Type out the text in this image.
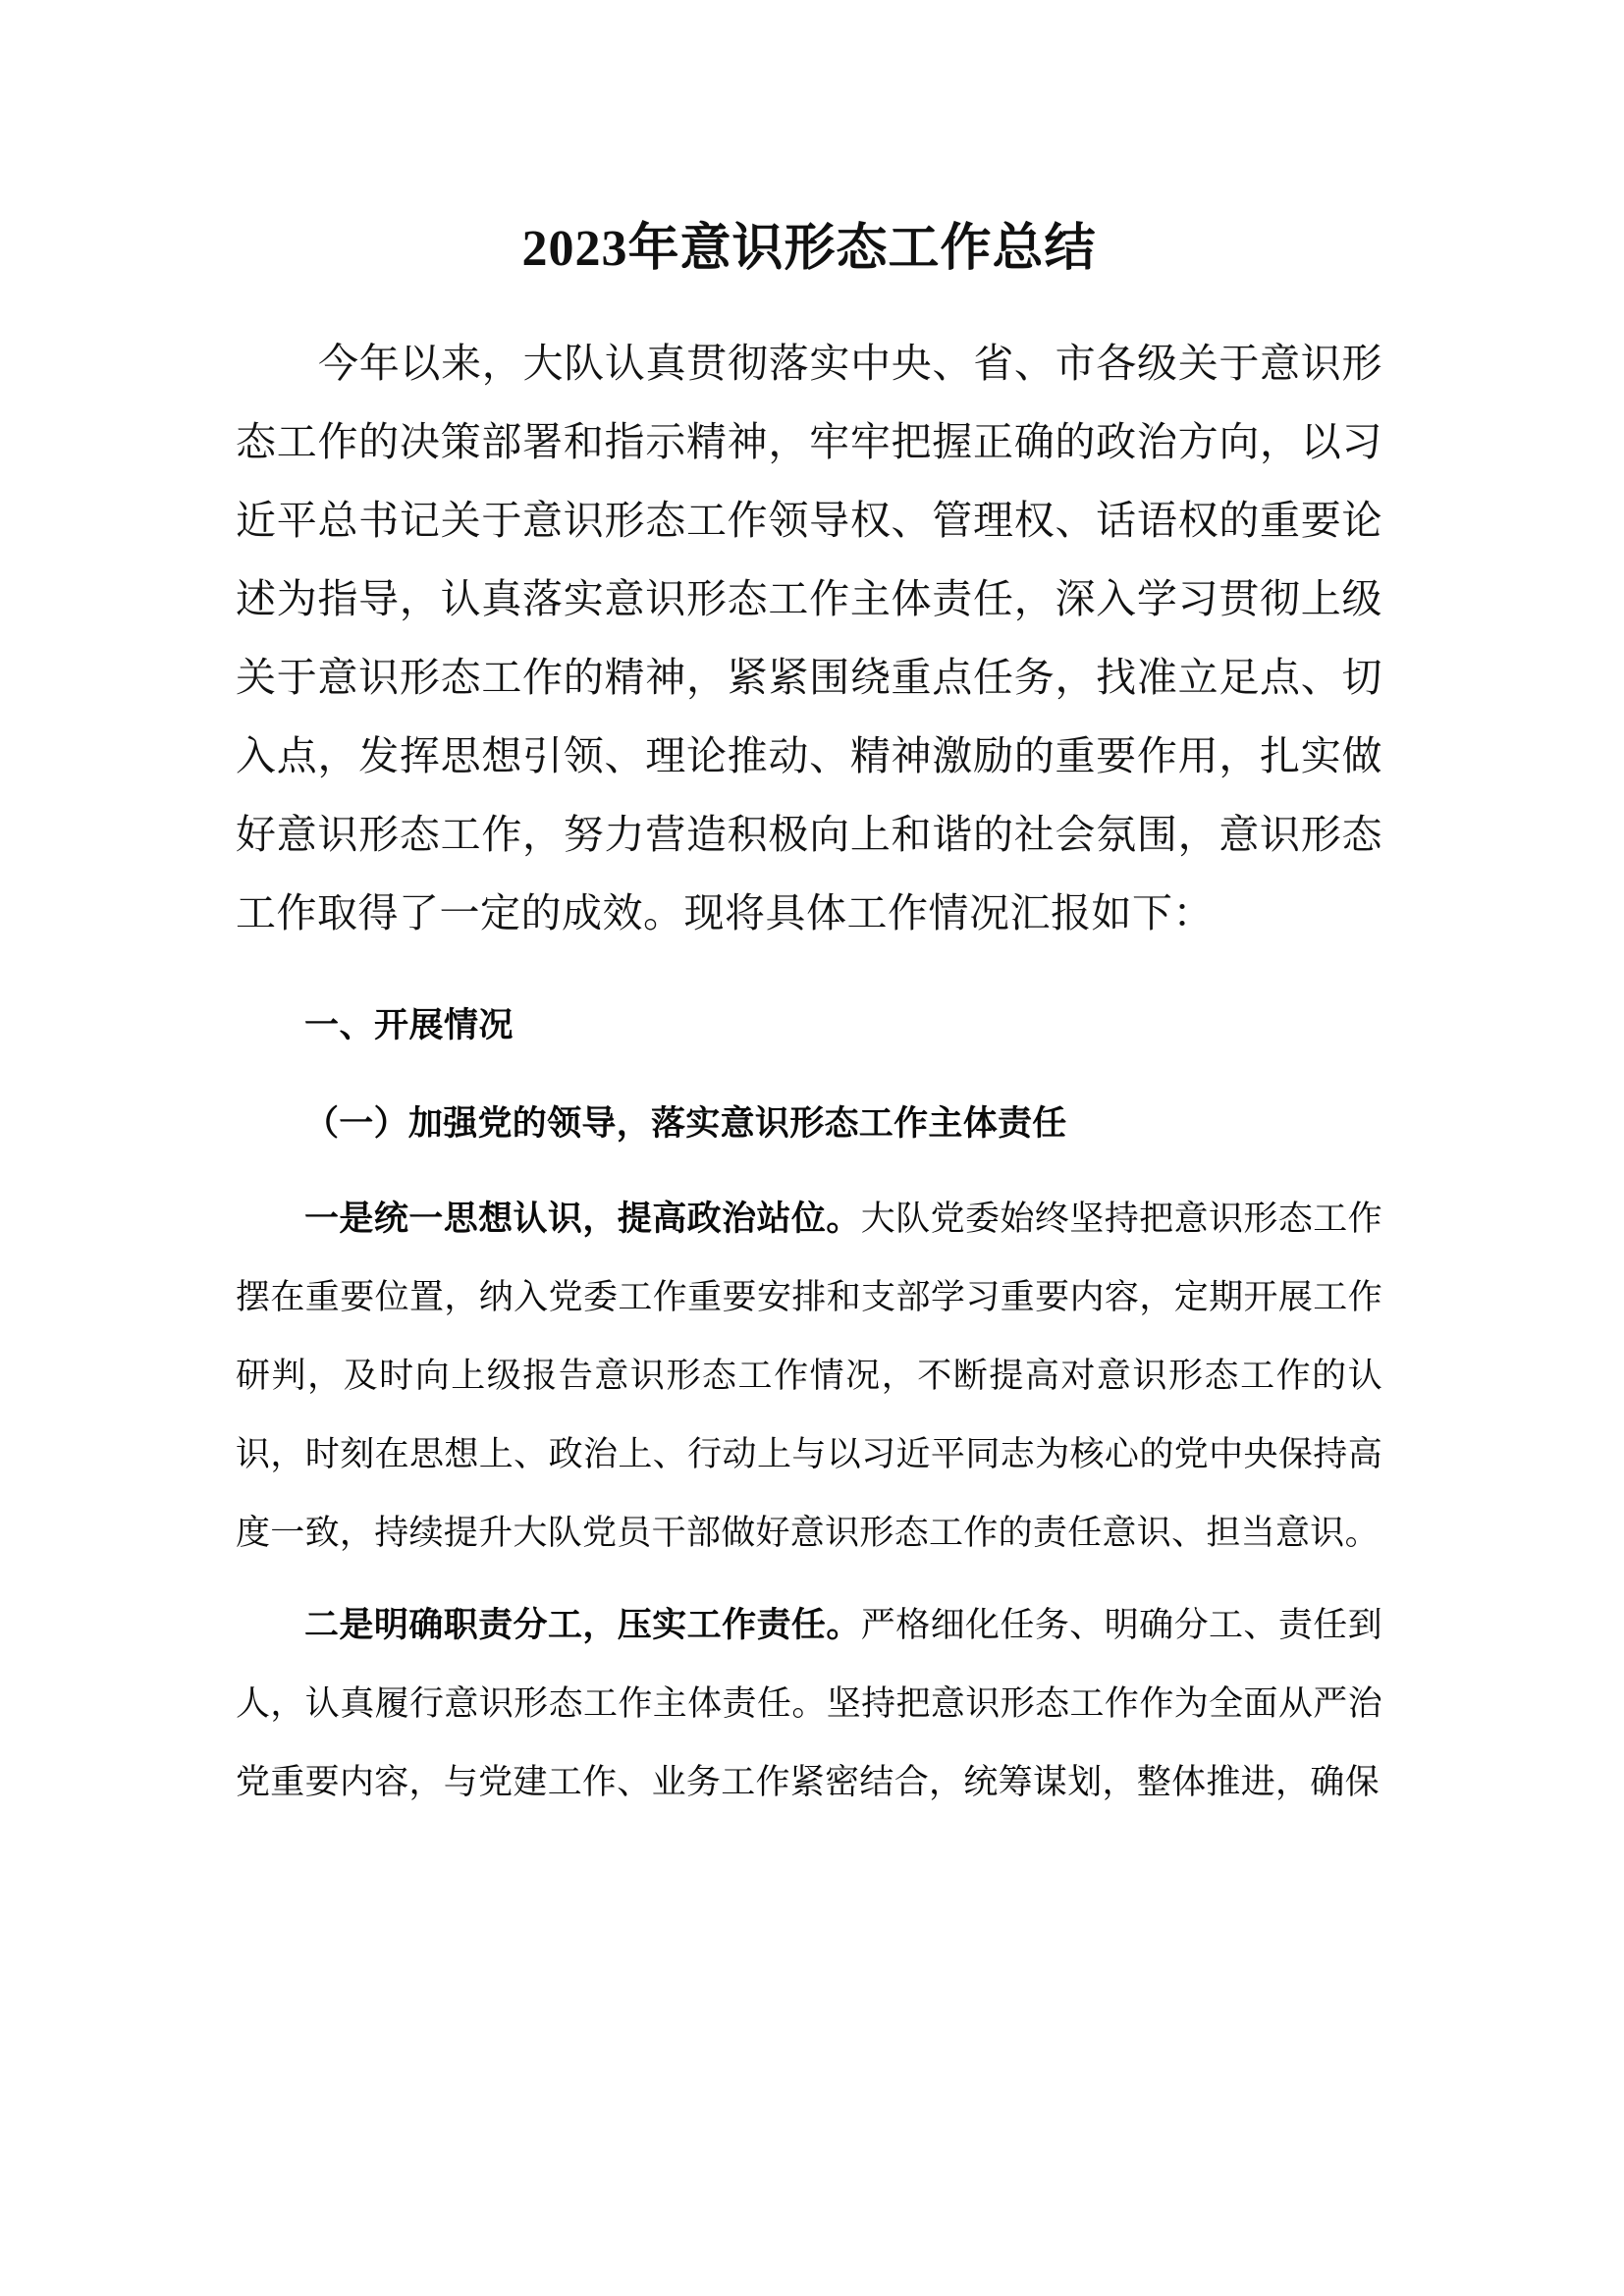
2023年意识形态工作总结

今年以来，大队认真贯彻落实中央、省、市各级关于意识形态工作的决策部署和指示精神，牢牢把握正确的政治方向，以习近平总书记关于意识形态工作领导权、管理权、话语权的重要论述为指导，认真落实意识形态工作主体责任，深入学习贯彻上级关于意识形态工作的精神，紧紧围绕重点任务，找准立足点、切入点，发挥思想引领、理论推动、精神激励的重要作用，扎实做好意识形态工作，努力营造积极向上和谐的社会氛围，意识形态工作取得了一定的成效。现将具体工作情况汇报如下：

一、开展情况
（一）加强党的领导，落实意识形态工作主体责任

一是统一思想认识，提高政治站位。大队党委始终坚持把意识形态工作摆在重要位置，纳入党委工作重要安排和支部学习重要内容，定期开展工作研判，及时向上级报告意识形态工作情况，不断提高对意识形态工作的认识，时刻在思想上、政治上、行动上与以习近平同志为核心的党中央保持高度一致，持续提升大队党员干部做好意识形态工作的责任意识、担当意识。

二是明确职责分工，压实工作责任。严格细化任务、明确分工、责任到人，认真履行意识形态工作主体责任。坚持把意识形态工作作为全面从严治党重要内容，与党建工作、业务工作紧密结合，统筹谋划，整体推进，确保
